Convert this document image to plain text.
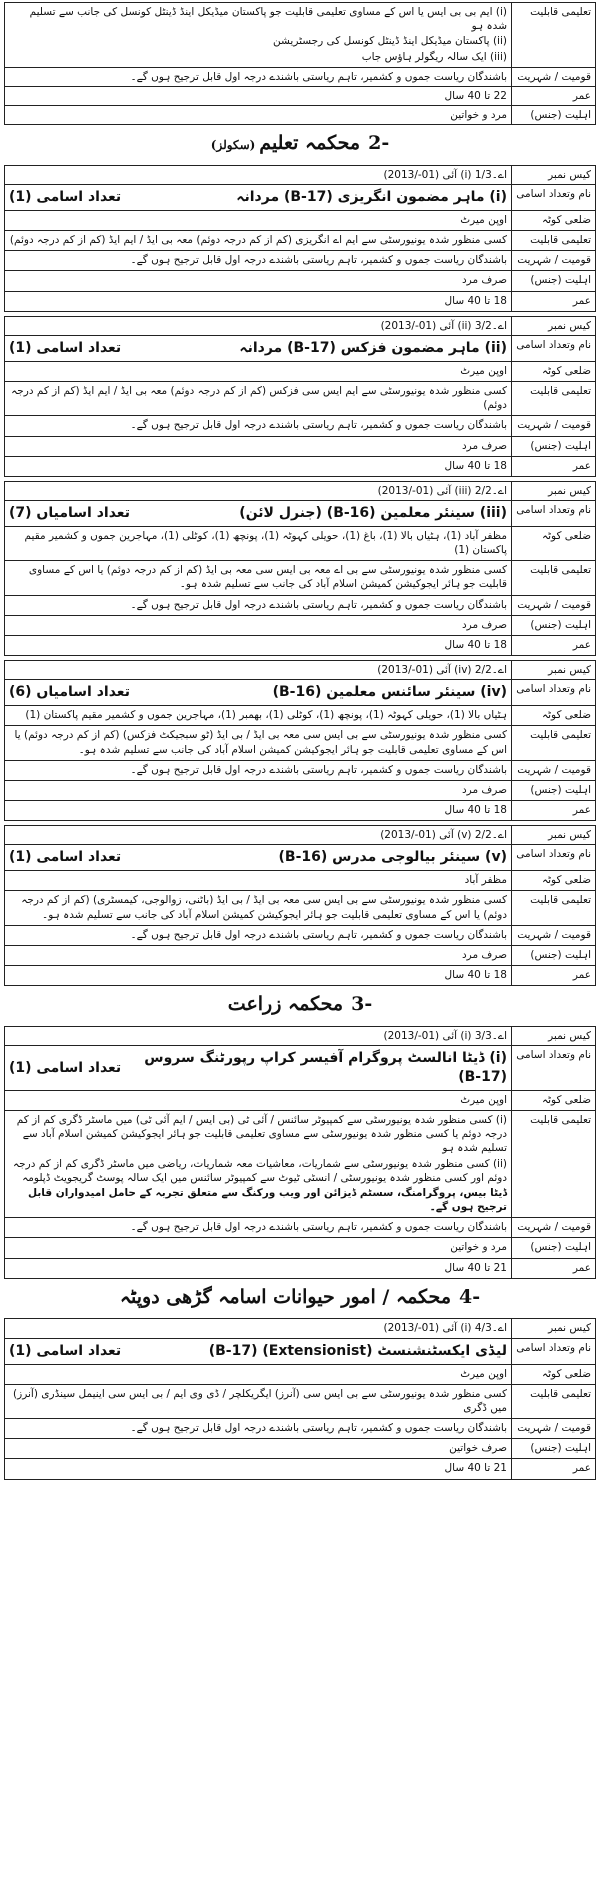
تعلیمی قابلیت	(i) ایم بی بی ایس یا اس کے مساوی تعلیمی قابلیت جو پاکستان میڈیکل اینڈ ڈینٹل کونسل کی جانب سے تسلیم شدہ ہو
(ii) پاکستان میڈیکل اینڈ ڈینٹل کونسل کی رجسٹریشن
(iii) ایک سالہ ریگولر ہاؤس جاب

قومیت / شہریت	باشندگان ریاست جموں و کشمیر، تاہم ریاستی باشندے درجہ اول قابل ترجیح ہوں گے۔
عمر	22 تا 40 سال
اہلیت (جنس)	مرد و خواتین
-2محکمہ تعلیم(سکولز)
کیس نمبر	اے۔1/3 (i) آئی (01-/2013)
نام وتعداد اسامی	(i) ماہر مضمون انگریزی (B-17) مردانہ
تعداد اسامی (1)

ضلعی کوٹہ	اوپن میرٹ

تعلیمی قابلیت	کسی منظور شدہ یونیورسٹی سے ایم اے انگریزی (کم از کم درجہ دوئم) معہ بی ایڈ / ایم ایڈ (کم از کم درجہ دوئم)

قومیت / شہریت	باشندگان ریاست جموں و کشمیر، تاہم ریاستی باشندے درجہ اول قابل ترجیح ہوں گے۔

اہلیت (جنس)	صرف مرد

عمر	18 تا 40 سال
کیس نمبر	اے۔3/2 (ii) آئی (01-/2013)
نام وتعداد اسامی	(ii) ماہر مضمون فزکس (B-17) مردانہ
تعداد اسامی (1)

ضلعی کوٹہ	اوپن میرٹ

تعلیمی قابلیت	کسی منظور شدہ یونیورسٹی سے ایم ایس سی فزکس (کم از کم درجہ دوئم) معہ بی ایڈ / ایم ایڈ (کم از کم درجہ دوئم)

قومیت / شہریت	باشندگان ریاست جموں و کشمیر، تاہم ریاستی باشندے درجہ اول قابل ترجیح ہوں گے۔

اہلیت (جنس)	صرف مرد

عمر	18 تا 40 سال
کیس نمبر	اے۔2/2 (iii) آئی (01-/2013)
نام وتعداد اسامی	(iii) سینئر معلمین (B-16) (جنرل لائن)
تعداد اسامیاں (7)

ضلعی کوٹہ	مظفر آباد (1)، ہٹیاں بالا (1)، باغ (1)، حویلی کہوٹہ (1)، پونچھ (1)، کوٹلی (1)، مہاجرین جموں و کشمیر مقیم پاکستان (1)

تعلیمی قابلیت	کسی منظور شدہ یونیورسٹی سے بی اے معہ بی ایس سی معہ بی ایڈ (کم از کم درجہ دوئم) یا اس کے مساوی قابلیت جو ہائر ایجوکیشن کمیشن اسلام آباد کی جانب سے تسلیم شدہ ہو۔

قومیت / شہریت	باشندگان ریاست جموں و کشمیر، تاہم ریاستی باشندے درجہ اول قابل ترجیح ہوں گے۔

اہلیت (جنس)	صرف مرد

عمر	18 تا 40 سال
کیس نمبر	اے۔2/2 (iv) آئی (01-/2013)
نام وتعداد اسامی	(iv) سینئر سائنس معلمین (B-16)
تعداد اسامیاں (6)

ضلعی کوٹہ	ہٹیاں بالا (1)، حویلی کہوٹہ (1)، پونچھ (1)، کوٹلی (1)، بھمبر (1)، مہاجرین جموں و کشمیر مقیم پاکستان (1)

تعلیمی قابلیت	کسی منظور شدہ یونیورسٹی سے بی ایس سی معہ بی ایڈ / بی ایڈ (ٹو سبجیکٹ فزکس) (کم از کم درجہ دوئم) یا اس کے مساوی تعلیمی قابلیت جو ہائر ایجوکیشن کمیشن اسلام آباد کی جانب سے تسلیم شدہ ہو۔

قومیت / شہریت	باشندگان ریاست جموں و کشمیر، تاہم ریاستی باشندے درجہ اول قابل ترجیح ہوں گے۔

اہلیت (جنس)	صرف مرد

عمر	18 تا 40 سال
کیس نمبر	اے۔2/2 (v) آئی (01-/2013)
نام وتعداد اسامی	(v) سینئر بیالوجی مدرس (B-16)
تعداد اسامی (1)

ضلعی کوٹہ	مظفر آباد

تعلیمی قابلیت	کسی منظور شدہ یونیورسٹی سے بی ایس سی معہ بی ایڈ / بی ایڈ (باٹنی، زوالوجی، کیمسٹری) (کم از کم درجہ دوئم) یا اس کے مساوی تعلیمی قابلیت جو ہائر ایجوکیشن کمیشن اسلام آباد کی جانب سے تسلیم شدہ ہو۔

قومیت / شہریت	باشندگان ریاست جموں و کشمیر، تاہم ریاستی باشندے درجہ اول قابل ترجیح ہوں گے۔

اہلیت (جنس)	صرف مرد

عمر	18 تا 40 سال
-3محکمہ زراعت
کیس نمبر	اے۔3/3 (i) آئی (01-/2013)
نام وتعداد اسامی	(i) ڈیٹا انالسٹ پروگرام آفیسر کراپ رپورٹنگ سروس (B-17)
تعداد اسامی (1)

ضلعی کوٹہ	اوپن میرٹ

تعلیمی قابلیت	(i) کسی منظور شدہ یونیورسٹی سے کمپیوٹر سائنس / آئی ٹی (بی ایس / ایم آئی ٹی) میں ماسٹر ڈگری کم از کم درجہ دوئم یا کسی منظور شدہ یونیورسٹی سے مساوی تعلیمی قابلیت جو ہائر ایجوکیشن کمیشن اسلام آباد سے تسلیم شدہ ہو
(ii) کسی منظور شدہ یونیورسٹی سے شماریات، معاشیات معہ شماریات، ریاضی میں ماسٹر ڈگری کم از کم درجہ دوئم اور کسی منظور شدہ یونیورسٹی / انسٹی ٹیوٹ سے کمپیوٹر سائنس میں ایک سالہ پوسٹ گریجویٹ ڈپلومہ
ڈیٹا بیس، پروگرامنگ، سسٹم ڈیزائن اور ویب ورکنگ سے متعلق تجربہ کے حامل امیدواران قابل ترجیح ہوں گے۔

قومیت / شہریت	باشندگان ریاست جموں و کشمیر، تاہم ریاستی باشندے درجہ اول قابل ترجیح ہوں گے۔

اہلیت (جنس)	مرد و خواتین

عمر	21 تا 40 سال
-4محکمہ / امور حیوانات اسامہ گڑھی دوپٹہ
کیس نمبر	اے۔4/3 (i) آئی (01-/2013)
نام وتعداد اسامی	لیڈی ایکسٹنشنسٹ (Extensionist) (B-17)
تعداد اسامی (1)

ضلعی کوٹہ	اوپن میرٹ

تعلیمی قابلیت	کسی منظور شدہ یونیورسٹی سے بی ایس سی (آنرز) ایگریکلچر / ڈی وی ایم / بی ایس سی اینیمل سینڈری (آنرز) میں ڈگری

قومیت / شہریت	باشندگان ریاست جموں و کشمیر، تاہم ریاستی باشندے درجہ اول قابل ترجیح ہوں گے۔

اہلیت (جنس)	صرف خواتین

عمر	21 تا 40 سال
